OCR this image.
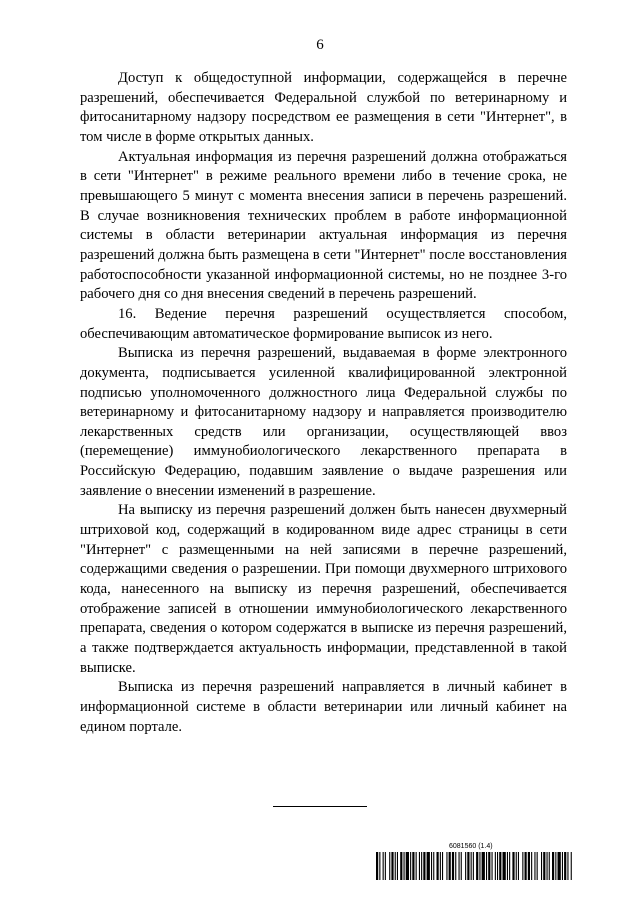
6

Доступ к общедоступной информации, содержащейся в перечне разрешений, обеспечивается Федеральной службой по ветеринарному и фитосанитарному надзору посредством ее размещения в сети "Интернет", в том числе в форме открытых данных.

Актуальная информация из перечня разрешений должна отображаться в сети "Интернет" в режиме реального времени либо в течение срока, не превышающего 5 минут с момента внесения записи в перечень разрешений. В случае возникновения технических проблем в работе информационной системы в области ветеринарии актуальная информация из перечня разрешений должна быть размещена в сети "Интернет" после восстановления работоспособности указанной информационной системы, но не позднее 3-го рабочего дня со дня внесения сведений в перечень разрешений.

16. Ведение перечня разрешений осуществляется способом, обеспечивающим автоматическое формирование выписок из него.

Выписка из перечня разрешений, выдаваемая в форме электронного документа, подписывается усиленной квалифицированной электронной подписью уполномоченного должностного лица Федеральной службы по ветеринарному и фитосанитарному надзору и направляется производителю лекарственных средств или организации, осуществляющей ввоз (перемещение) иммунобиологического лекарственного препарата в Российскую Федерацию, подавшим заявление о выдаче разрешения или заявление о внесении изменений в разрешение.

На выписку из перечня разрешений должен быть нанесен двухмерный штриховой код, содержащий в кодированном виде адрес страницы в сети "Интернет" с размещенными на ней записями в перечне разрешений, содержащими сведения о разрешении. При помощи двухмерного штрихового кода, нанесенного на выписку из перечня разрешений, обеспечивается отображение записей в отношении иммунобиологического лекарственного препарата, сведения о котором содержатся в выписке из перечня разрешений, а также подтверждается актуальность информации, представленной в такой выписке.

Выписка из перечня разрешений направляется в личный кабинет в информационной системе в области ветеринарии или личный кабинет на едином портале.

6081560 (1.4)
